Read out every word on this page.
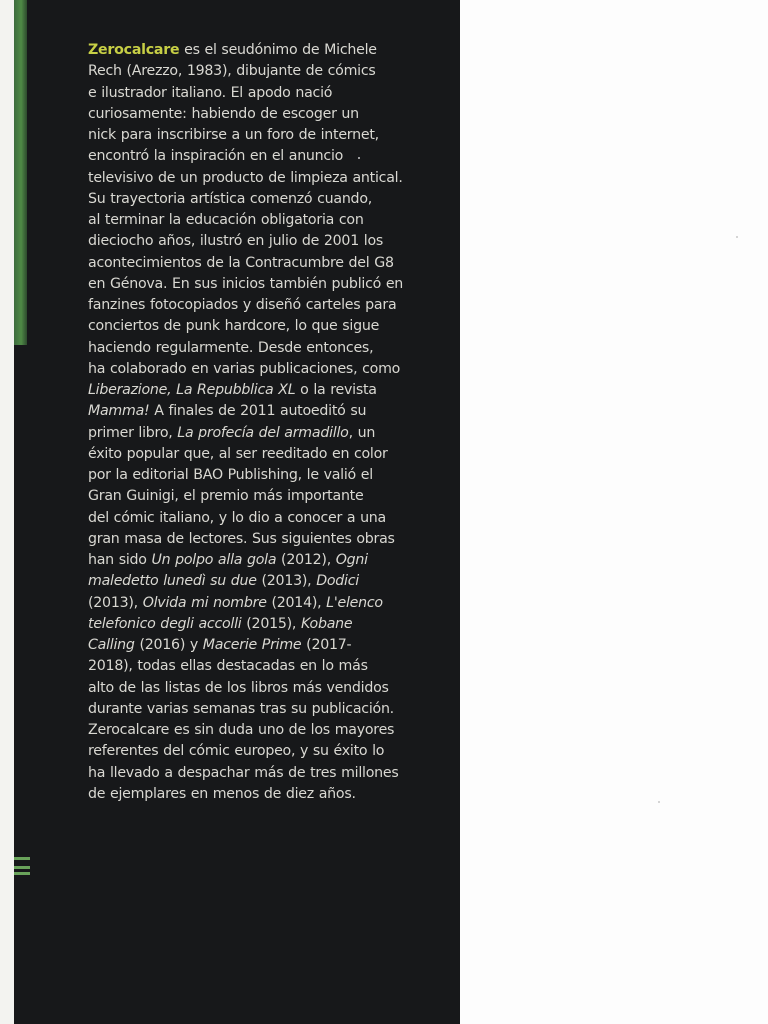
Zerocalcare es el seudónimo de Michele
Rech (Arezzo, 1983), dibujante de cómics
e ilustrador italiano. El apodo nació
curiosamente: habiendo de escoger un
nick para inscribirse a un foro de internet,
encontró la inspiración en el anuncio
televisivo de un producto de limpieza antical.
Su trayectoria artística comenzó cuando,
al terminar la educación obligatoria con
dieciocho años, ilustró en julio de 2001 los
acontecimientos de la Contracumbre del G8
en Génova. En sus inicios también publicó en
fanzines fotocopiados y diseñó carteles para
conciertos de punk hardcore, lo que sigue
haciendo regularmente. Desde entonces,
ha colaborado en varias publicaciones, como
Liberazione, La Repubblica XL o la revista
Mamma! A finales de 2011 autoeditó su
primer libro, La profecía del armadillo, un
éxito popular que, al ser reeditado en color
por la editorial BAO Publishing, le valió el
Gran Guinigi, el premio más importante
del cómic italiano, y lo dio a conocer a una
gran masa de lectores. Sus siguientes obras
han sido Un polpo alla gola (2012), Ogni
maledetto lunedì su due (2013), Dodici
(2013), Olvida mi nombre (2014), L'elenco
telefonico degli accolli (2015), Kobane
Calling (2016) y Macerie Prime (2017-
2018), todas ellas destacadas en lo más
alto de las listas de los libros más vendidos
durante varias semanas tras su publicación.
Zerocalcare es sin duda uno de los mayores
referentes del cómic europeo, y su éxito lo
ha llevado a despachar más de tres millones
de ejemplares en menos de diez años.
